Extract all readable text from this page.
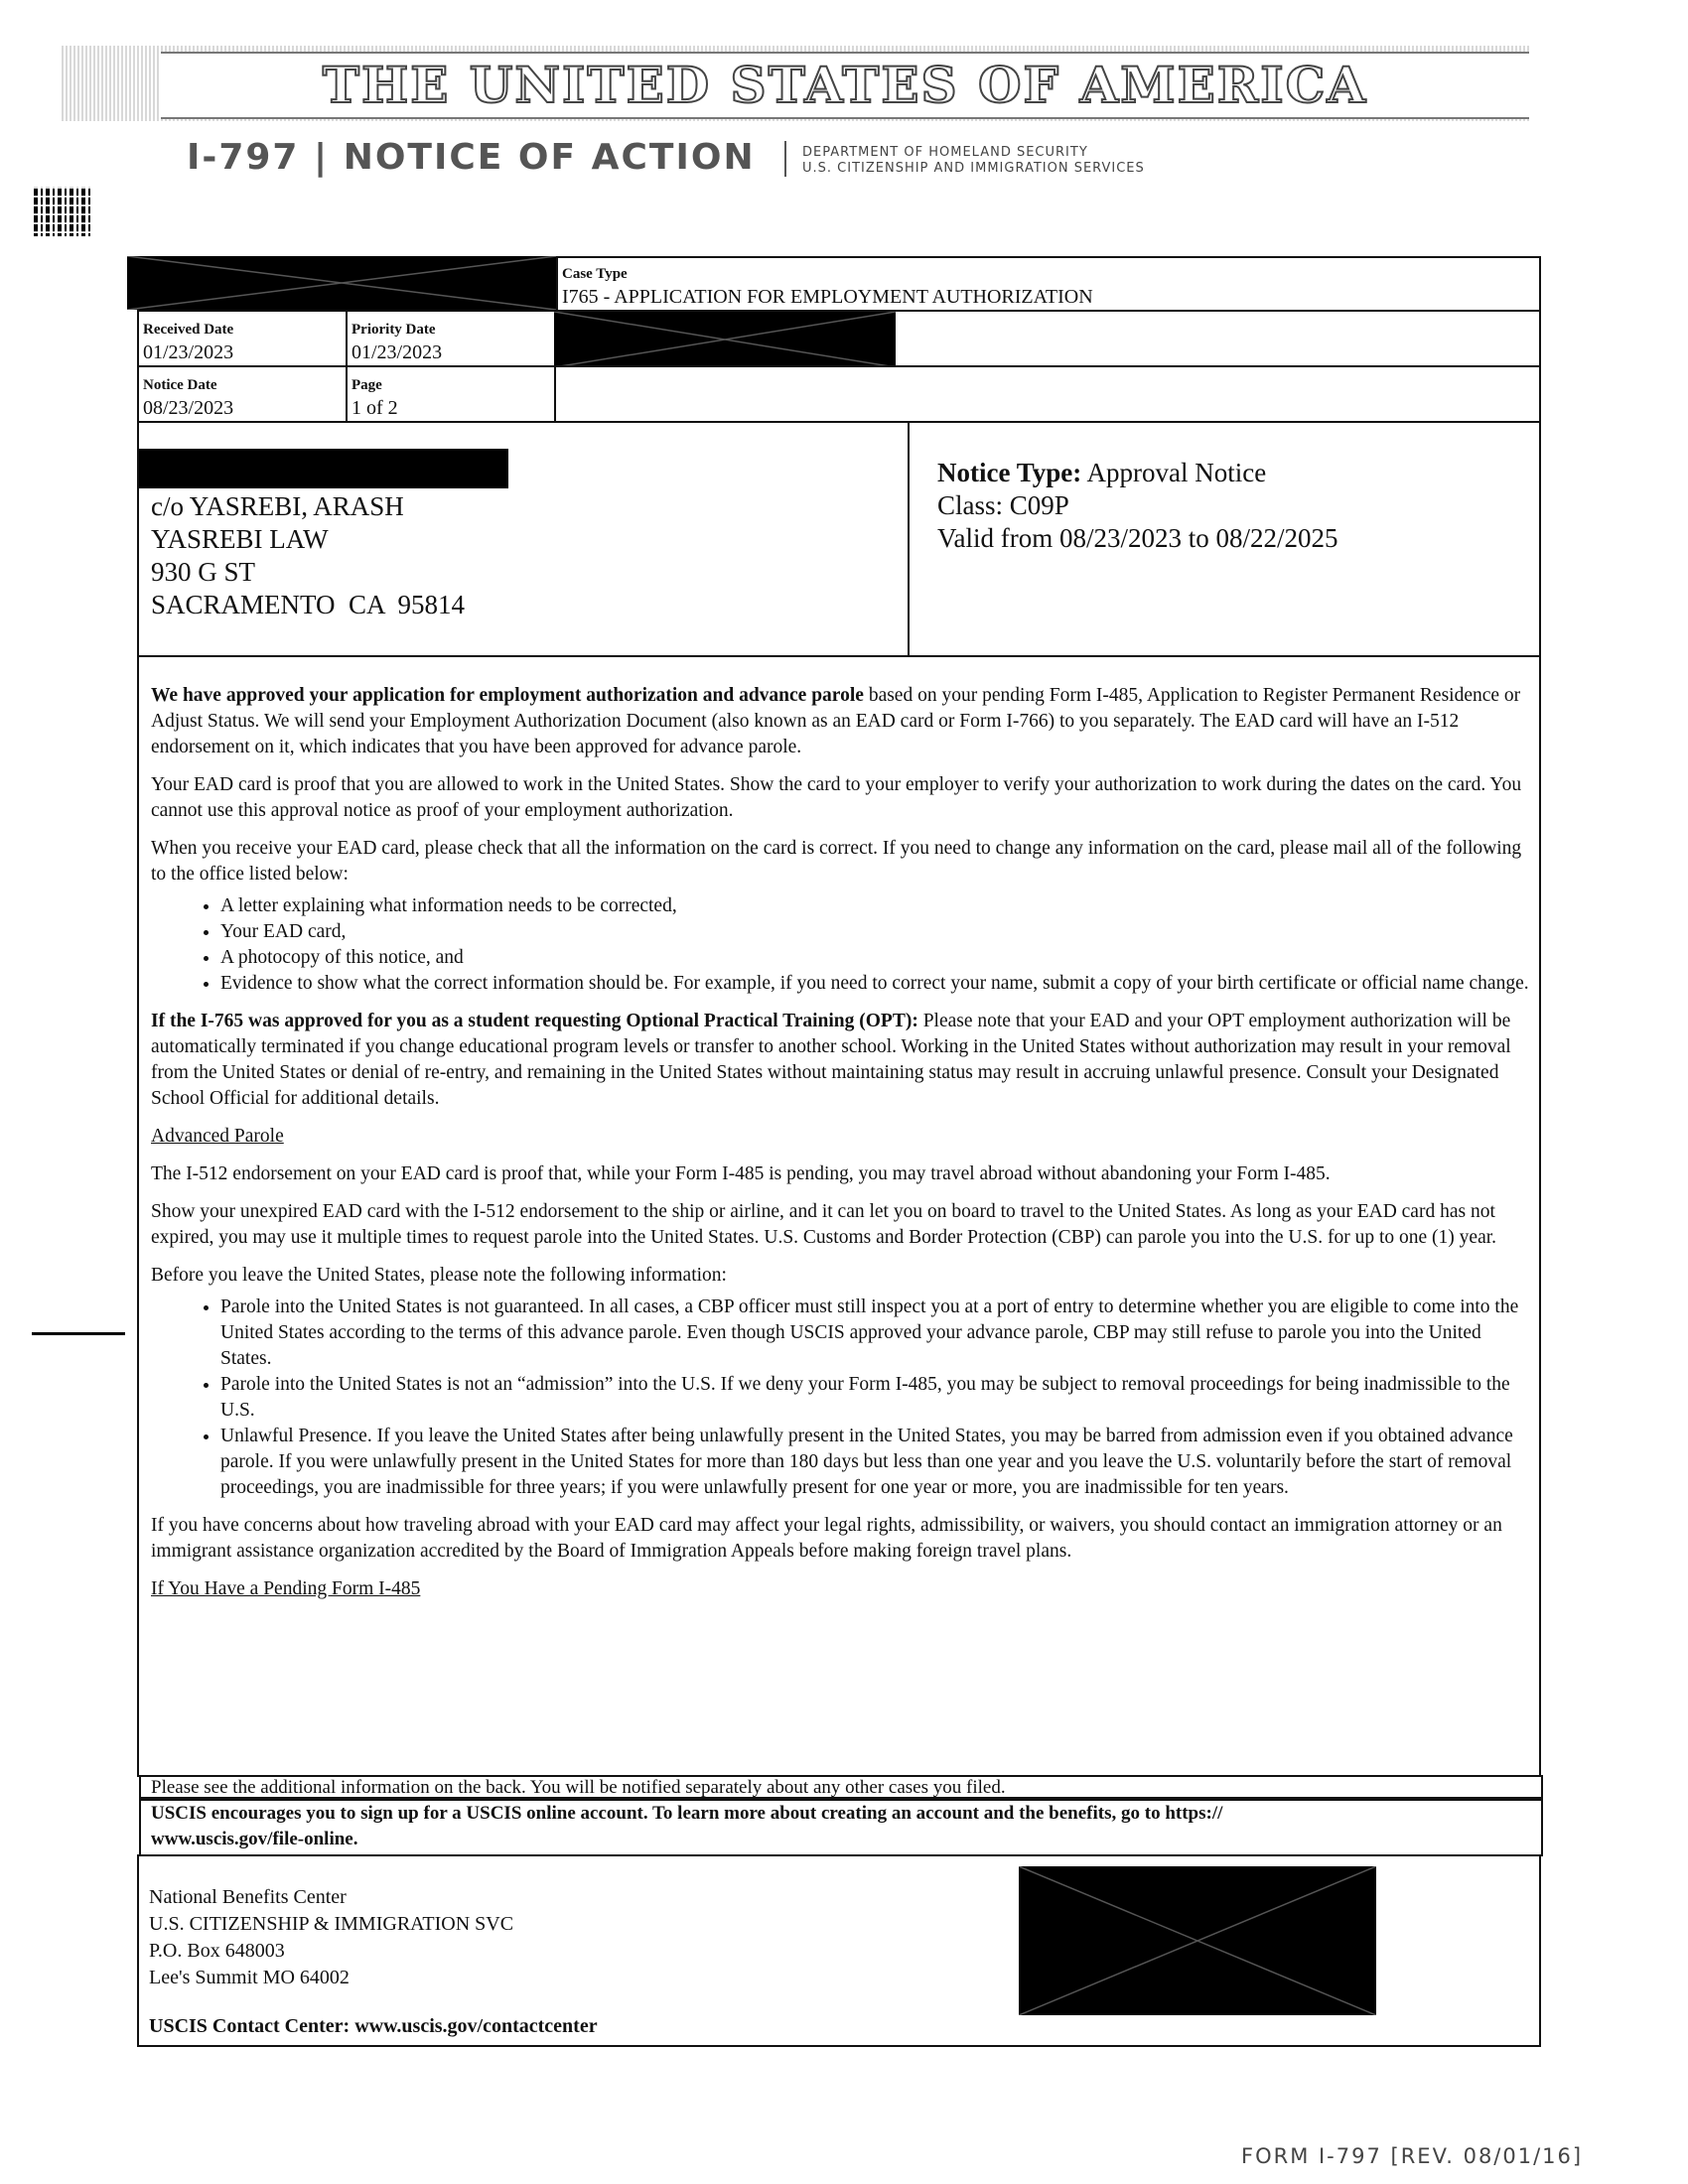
THE UNITED STATES OF AMERICA
I-797 | NOTICE OF ACTION	DEPARTMENT OF HOMELAND SECURITY
U.S. CITIZENSHIP AND IMMIGRATION SERVICES
Case Type
I765 - APPLICATION FOR EMPLOYMENT AUTHORIZATION
Received Date
01/23/2023
Priority Date
01/23/2023
Notice Date
08/23/2023
Page
1 of 2
c/o YASREBI, ARASH
YASREBI LAW
930 G ST
SACRAMENTO  CA  95814
Notice Type: Approval Notice
Class: C09P
Valid from 08/23/2023 to 08/22/2025

We have approved your application for employment authorization and advance parole based on your pending Form I-485, Application to Register Permanent Residence or Adjust Status. We will send your Employment Authorization Document (also known as an EAD card or Form I-766) to you separately. The EAD card will have an I-512 endorsement on it, which indicates that you have been approved for advance parole.

Your EAD card is proof that you are allowed to work in the United States. Show the card to your employer to verify your authorization to work during the dates on the card. You cannot use this approval notice as proof of your employment authorization.

When you receive your EAD card, please check that all the information on the card is correct. If you need to change any information on the card, please mail all of the following to the office listed below:

• A letter explaining what information needs to be corrected,
• Your EAD card,
• A photocopy of this notice, and
• Evidence to show what the correct information should be. For example, if you need to correct your name, submit a copy of your birth certificate or official name change.

If the I-765 was approved for you as a student requesting Optional Practical Training (OPT): Please note that your EAD and your OPT employment authorization will be automatically terminated if you change educational program levels or transfer to another school. Working in the United States without authorization may result in your removal from the United States or denial of re-entry, and remaining in the United States without maintaining status may result in accruing unlawful presence. Consult your Designated School Official for additional details.

Advanced Parole

The I-512 endorsement on your EAD card is proof that, while your Form I-485 is pending, you may travel abroad without abandoning your Form I-485.

Show your unexpired EAD card with the I-512 endorsement to the ship or airline, and it can let you on board to travel to the United States. As long as your EAD card has not expired, you may use it multiple times to request parole into the United States. U.S. Customs and Border Protection (CBP) can parole you into the U.S. for up to one (1) year.

Before you leave the United States, please note the following information:

• Parole into the United States is not guaranteed. In all cases, a CBP officer must still inspect you at a port of entry to determine whether you are eligible to come into the United States according to the terms of this advance parole. Even though USCIS approved your advance parole, CBP may still refuse to parole you into the United States.
• Parole into the United States is not an “admission” into the U.S. If we deny your Form I-485, you may be subject to removal proceedings for being inadmissible to the U.S.
• Unlawful Presence. If you leave the United States after being unlawfully present in the United States, you may be barred from admission even if you obtained advance parole. If you were unlawfully present in the United States for more than 180 days but less than one year and you leave the U.S. voluntarily before the start of removal proceedings, you are inadmissible for three years; if you were unlawfully present for one year or more, you are inadmissible for ten years.

If you have concerns about how traveling abroad with your EAD card may affect your legal rights, admissibility, or waivers, you should contact an immigration attorney or an immigrant assistance organization accredited by the Board of Immigration Appeals before making foreign travel plans.

If You Have a Pending Form I-485

Please see the additional information on the back. You will be notified separately about any other cases you filed.
USCIS encourages you to sign up for a USCIS online account. To learn more about creating an account and the benefits, go to https://
www.uscis.gov/file-online.
National Benefits Center
U.S. CITIZENSHIP & IMMIGRATION SVC
P.O. Box 648003
Lee's Summit MO 64002
USCIS Contact Center: www.uscis.gov/contactcenter
FORM I-797 [REV. 08/01/16]
